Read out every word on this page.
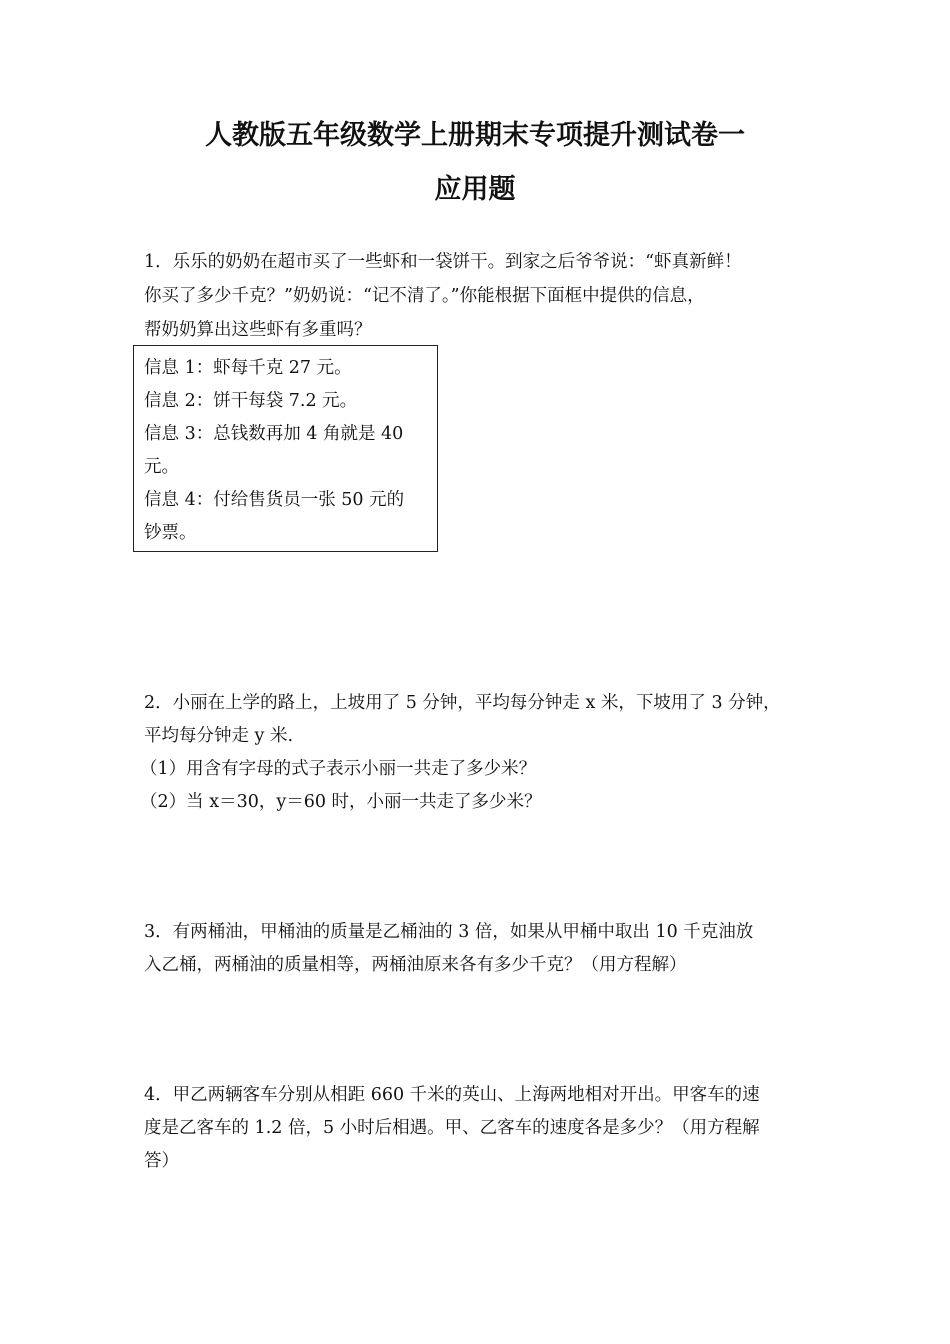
人教版五年级数学上册期末专项提升测试卷一
应用题

1．乐乐的奶奶在超市买了一些虾和一袋饼干。到家之后爷爷说：“虾真新鲜！

你买了多少千克？”奶奶说：“记不清了。”你能根据下面框中提供的信息，

帮奶奶算出这些虾有多重吗？

信息 1：虾每千克 27 元。

信息 2：饼干每袋 7.2 元。

信息 3：总钱数再加 4 角就是 40

元。

信息 4：付给售货员一张 50 元的

钞票。

2．小丽在上学的路上，上坡用了 5 分钟，平均每分钟走 x 米，下坡用了 3 分钟，

平均每分钟走 y 米.

（1）用含有字母的式子表示小丽一共走了多少米？

（2）当 x＝30，y＝60 时，小丽一共走了多少米？

3．有两桶油，甲桶油的质量是乙桶油的 3 倍，如果从甲桶中取出 10 千克油放

入乙桶，两桶油的质量相等，两桶油原来各有多少千克？（用方程解）

4．甲乙两辆客车分别从相距 660 千米的英山、上海两地相对开出。甲客车的速

度是乙客车的 1.2 倍，5 小时后相遇。甲、乙客车的速度各是多少？（用方程解

答）
